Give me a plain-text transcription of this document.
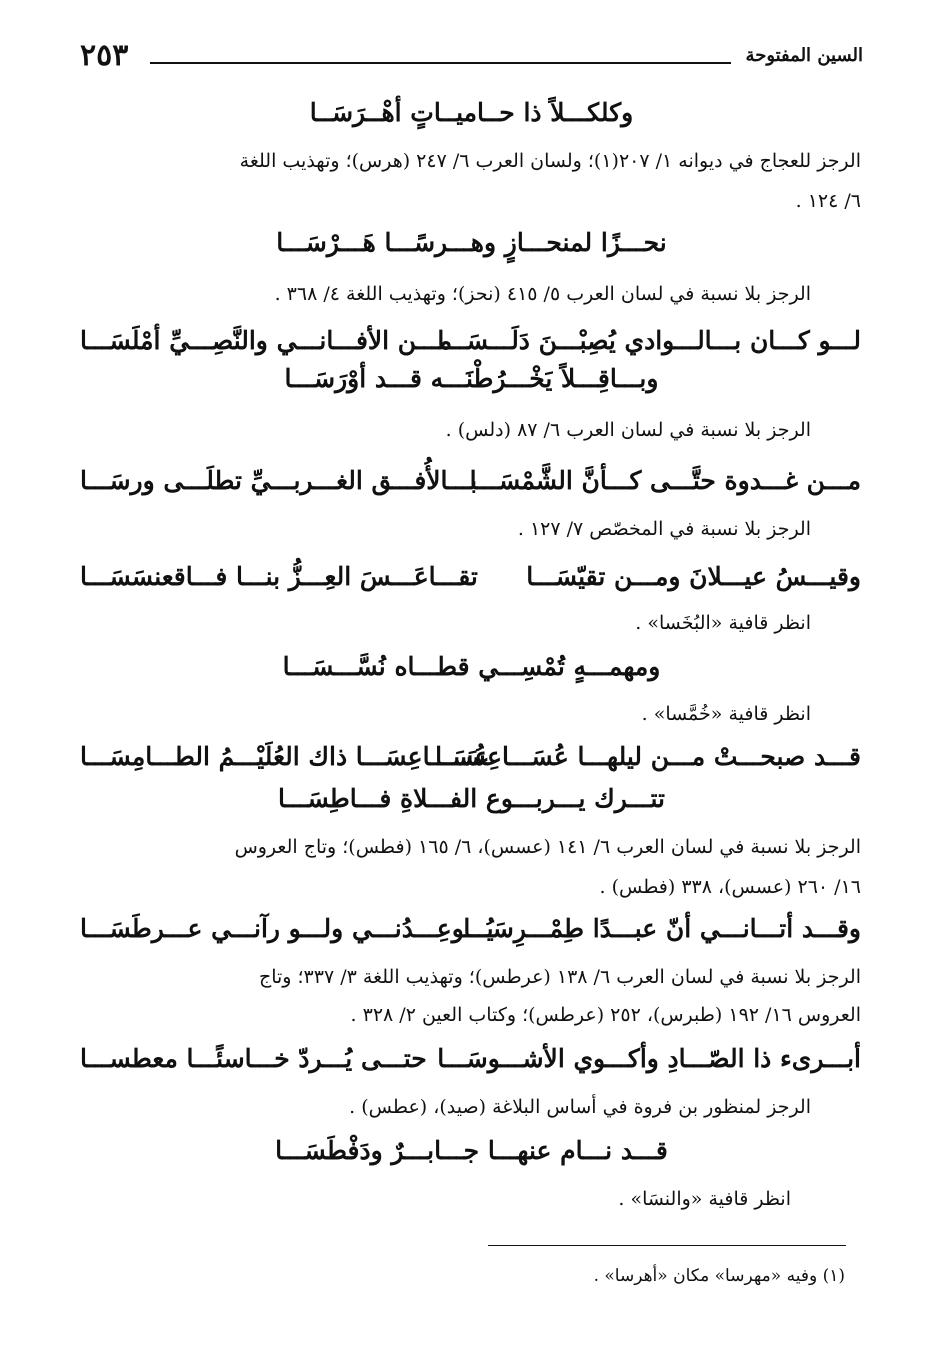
٢٥٣	السين المفتوحة
وكلكـــلاً ذا حــاميــاتٍ أهْــرَسَــا
الرجز للعجاج في ديوانه ١/ ٢٠٧(١)؛ ولسان العرب ٦/ ٢٤٧ (هرس)؛ وتهذيب اللغة
٦/ ١٢٤ .
نحـــزًا لمنحـــازٍ وهـــرسًـــا هَـــرْسَـــا
الرجز بلا نسبة في لسان العرب ٥/ ٤١٥ (نحز)؛ وتهذيب اللغة ٤/ ٣٦٨ .
لـــو كـــان بـــالـــوادي يُصِبْـــنَ دَلَـــسَـــا
مـــن الأفـــانـــي والنَّصِـــيِّ أمْلَسَـــا
وبـــاقِـــلاً يَخْـــرُطْنَـــه قـــد أوْرَسَـــا
الرجز بلا نسبة في لسان العرب ٦/ ٨٧ (دلس) .
مـــن غـــدوة حتَّـــى كـــأنَّ الشَّمْسَـــا
بـــالأُفـــق الغـــربـــيِّ تطلَـــى ورسَـــا
الرجز بلا نسبة في المخصّص ٧/ ١٢٧ .
وقيـــسُ عيـــلانَ ومـــن تقيّسَـــا
تقـــاعَـــسَ العِـــزُّ بنـــا فـــاقعنسَسَـــا
انظر قافية «البُخَسا» .
ومهمـــهٍ تُمْسِـــي قطـــاه نُسَّـــسَـــا
انظر قافية «خُمَّسا» .
قـــد صبحـــتْ مـــن ليلهـــا عُسَـــاعِسَـــا
عُسَـــاعِسَـــا ذاك العُلَيْـــمُ الطـــامِسَـــا
تتـــرك يـــربـــوع الفـــلاةِ فـــاطِسَـــا
الرجز بلا نسبة في لسان العرب ٦/ ١٤١ (عسس)، ٦/ ١٦٥ (فطس)؛ وتاج العروس
١٦/ ٢٦٠ (عسس)، ٣٣٨ (فطس) .
وقـــد أتـــانـــي أنّ عبـــدًا طِمْـــرِسَـــا
يُـــوعِـــدُنـــي ولـــو رآنـــي عـــرطَسَـــا
الرجز بلا نسبة في لسان العرب ٦/ ١٣٨ (عرطس)؛ وتهذيب اللغة ٣/ ٣٣٧؛ وتاج
العروس ١٦/ ١٩٢ (طبرس)، ٢٥٢ (عرطس)؛ وكتاب العين ٢/ ٣٢٨ .
أبـــرىء ذا الصّـــادِ وأكـــوي الأشـــوسَـــا
حتـــى يُـــردّ خـــاسئًـــا معطســـا
الرجز لمنظور بن فروة في أساس البلاغة (صيد)، (عطس) .
قـــد نـــام عنهـــا جـــابـــرٌ ودَفْطَسَـــا
انظر قافية «والنسَا» .
(١) وفيه «مهرسا» مكان «أهرسا» .
